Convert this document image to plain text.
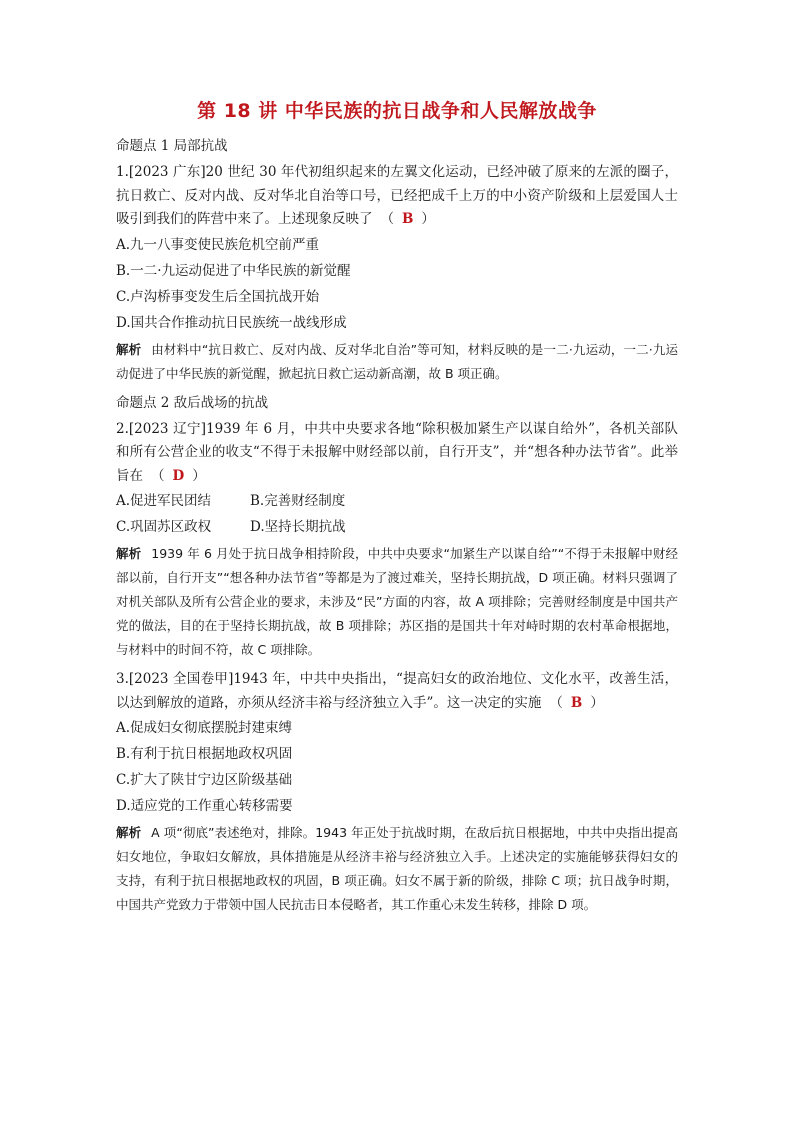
第 18 讲 中华民族的抗日战争和人民解放战争
命题点 1 局部抗战

1.[2023 广东]20 世纪 30 年代初组织起来的左翼文化运动，已经冲破了原来的左派的圈子，抗日救亡、反对内战、反对华北自治等口号，已经把成千上万的中小资产阶级和上层爱国人士吸引到我们的阵营中来了。上述现象反映了 （ B ）

A.九一八事变使民族危机空前严重

B.一二·九运动促进了中华民族的新觉醒

C.卢沟桥事变发生后全国抗战开始

D.国共合作推动抗日民族统一战线形成

解析 由材料中“抗日救亡、反对内战、反对华北自治”等可知，材料反映的是一二·九运动，一二·九运动促进了中华民族的新觉醒，掀起抗日救亡运动新高潮，故 B 项正确。

命题点 2 敌后战场的抗战

2.[2023 辽宁]1939 年 6 月，中共中央要求各地“除积极加紧生产以谋自给外”，各机关部队和所有公营企业的收支“不得于未报解中财经部以前，自行开支”，并“想各种办法节省”。此举旨在 （ D ）

A.促进军民团结	B.完善财经制度

C.巩固苏区政权	D.坚持长期抗战

解析 1939 年 6 月处于抗日战争相持阶段，中共中央要求“加紧生产以谋自给”“不得于未报解中财经部以前，自行开支”“想各种办法节省”等都是为了渡过难关，坚持长期抗战，D 项正确。材料只强调了对机关部队及所有公营企业的要求，未涉及“民”方面的内容，故 A 项排除；完善财经制度是中国共产党的做法，目的在于坚持长期抗战，故 B 项排除；苏区指的是国共十年对峙时期的农村革命根据地，与材料中的时间不符，故 C 项排除。

3.[2023 全国卷甲]1943 年，中共中央指出，“提高妇女的政治地位、文化水平，改善生活，以达到解放的道路，亦须从经济丰裕与经济独立入手”。这一决定的实施 （ B ）

A.促成妇女彻底摆脱封建束缚

B.有利于抗日根据地政权巩固

C.扩大了陕甘宁边区阶级基础

D.适应党的工作重心转移需要

解析 A 项“彻底”表述绝对，排除。1943 年正处于抗战时期，在敌后抗日根据地，中共中央指出提高妇女地位，争取妇女解放，具体措施是从经济丰裕与经济独立入手。上述决定的实施能够获得妇女的支持，有利于抗日根据地政权的巩固，B 项正确。妇女不属于新的阶级，排除 C 项；抗日战争时期，中国共产党致力于带领中国人民抗击日本侵略者，其工作重心未发生转移，排除 D 项。
